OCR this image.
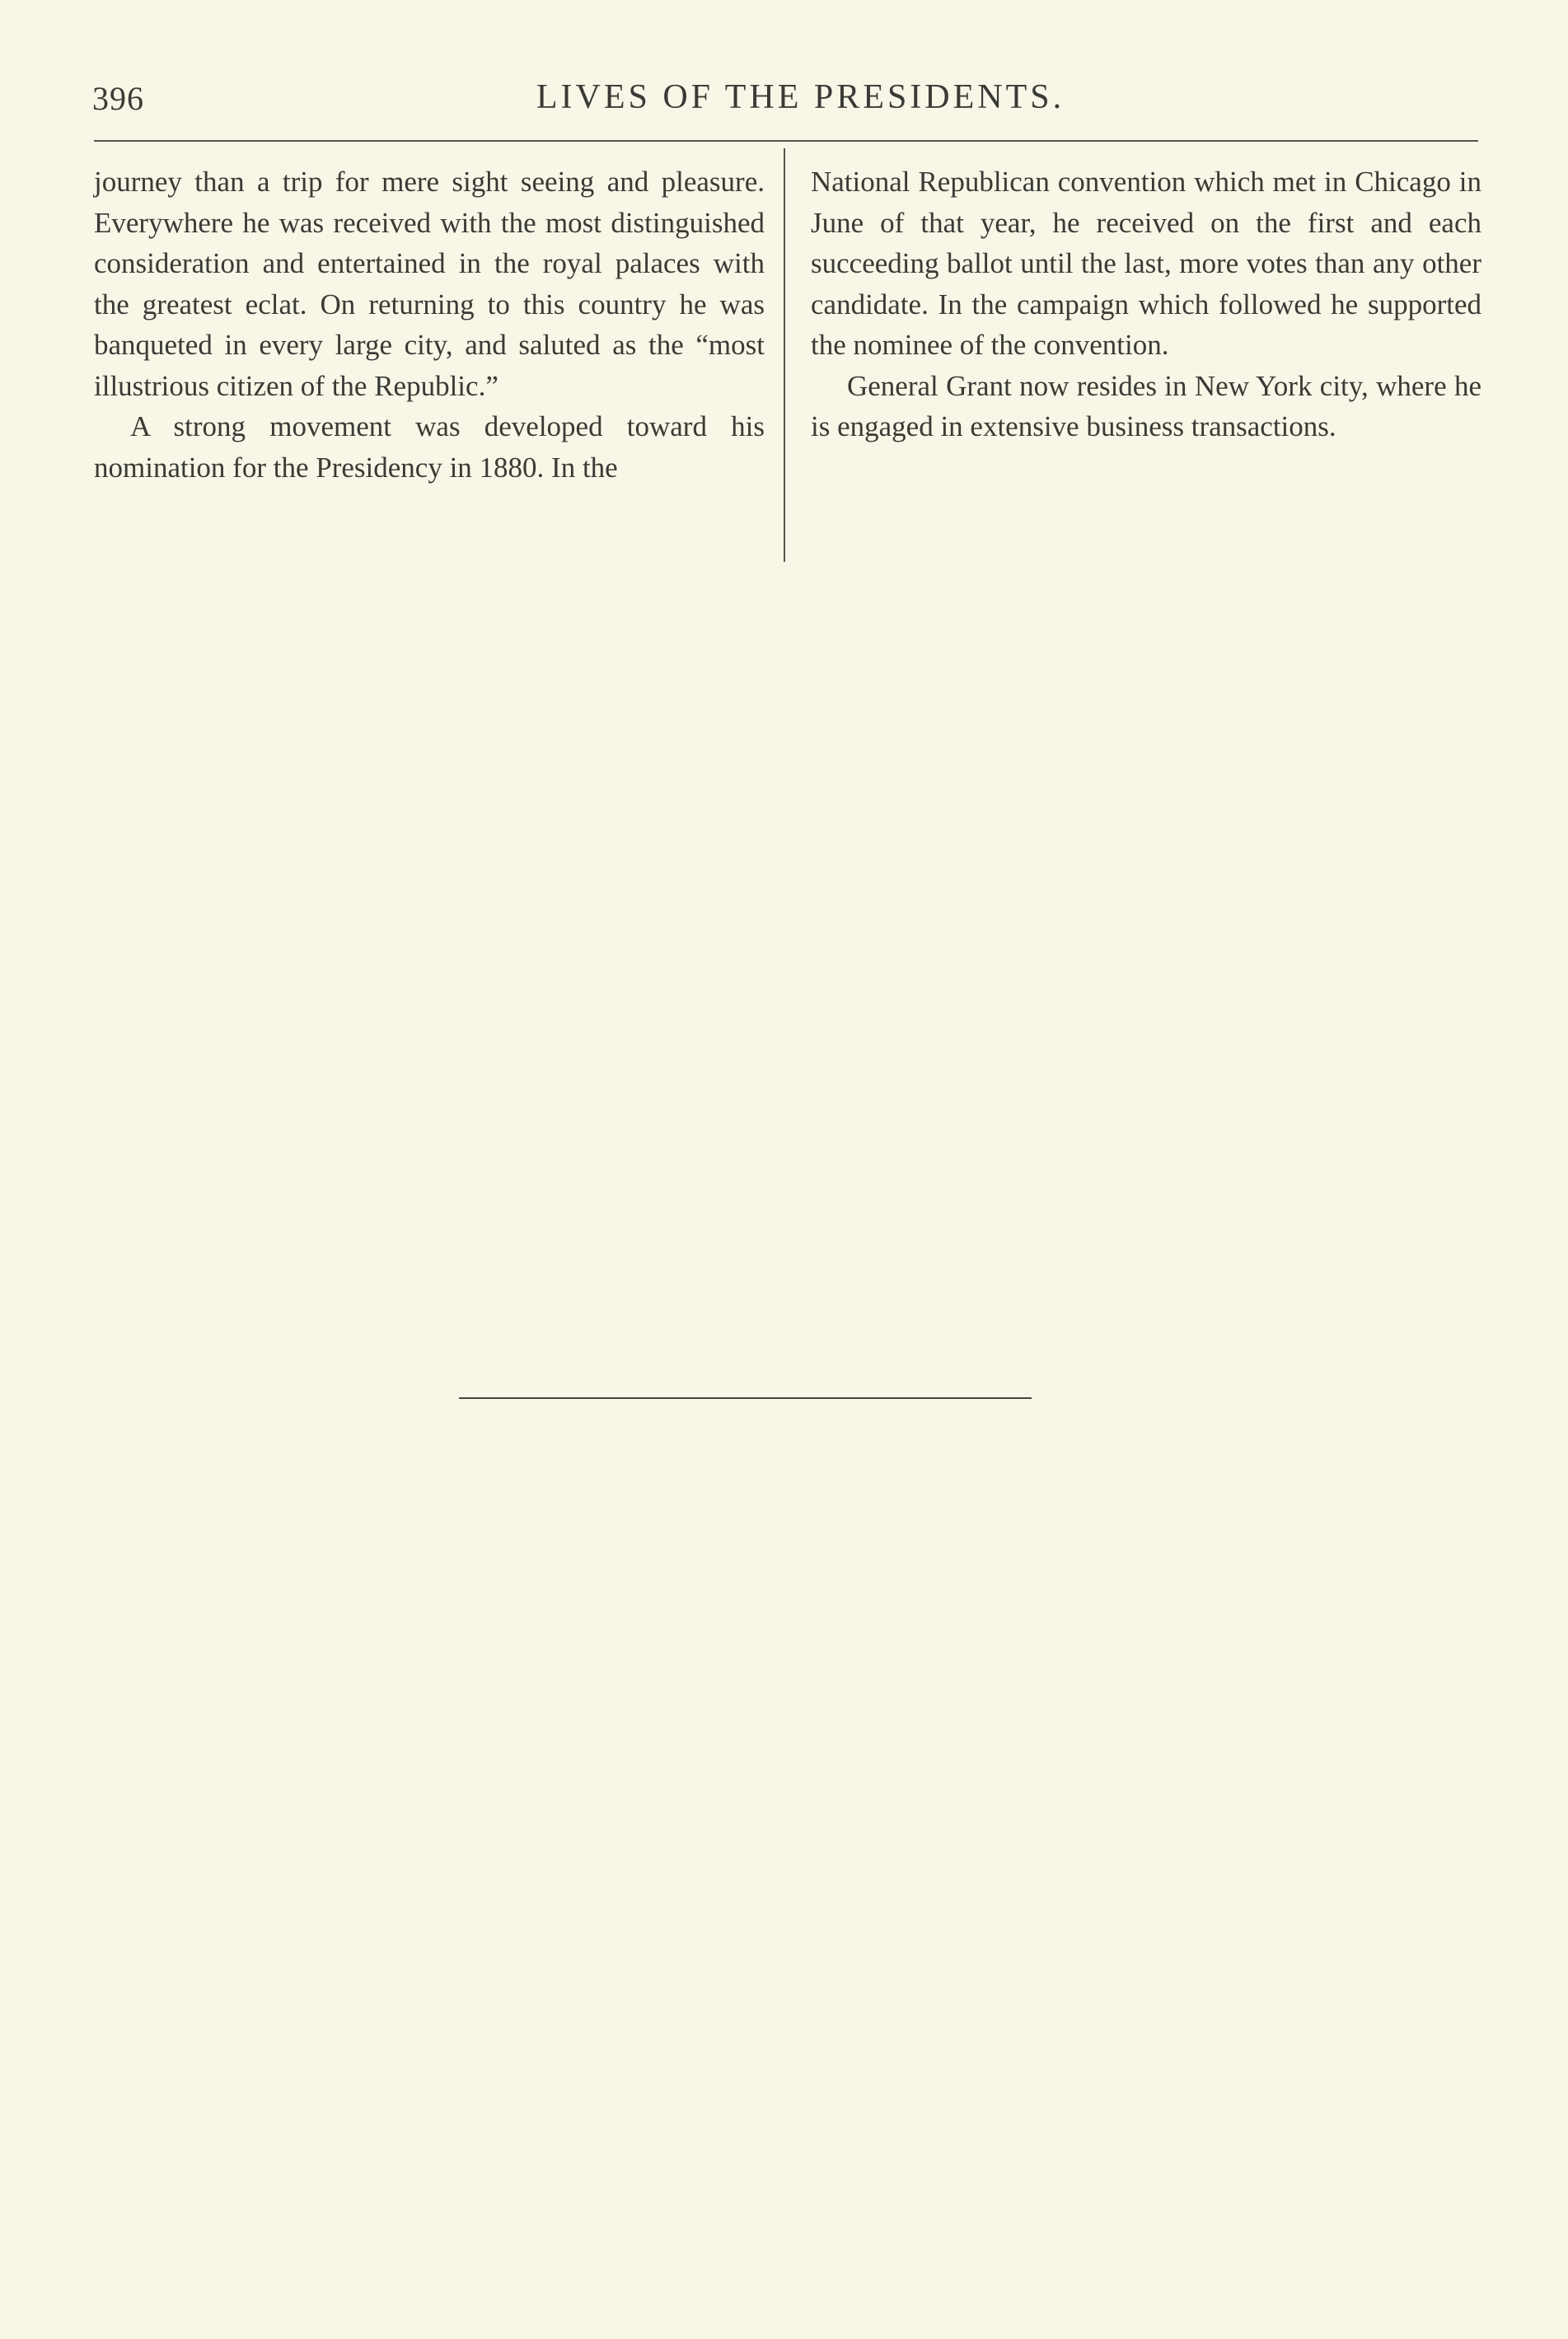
396	LIVES OF THE PRESIDENTS.

journey than a trip for mere sight seeing and pleasure. Everywhere he was received with the most distinguished consideration and entertained in the royal palaces with the greatest eclat. On returning to this country he was banqueted in every large city, and saluted as the “most illustrious citizen of the Republic.”

A strong movement was developed toward his nomination for the Presidency in 1880. In the

National Republican convention which met in Chicago in June of that year, he received on the first and each succeeding ballot until the last, more votes than any other candidate. In the campaign which followed he supported the nominee of the convention.

General Grant now resides in New York city, where he is engaged in extensive business transactions.
